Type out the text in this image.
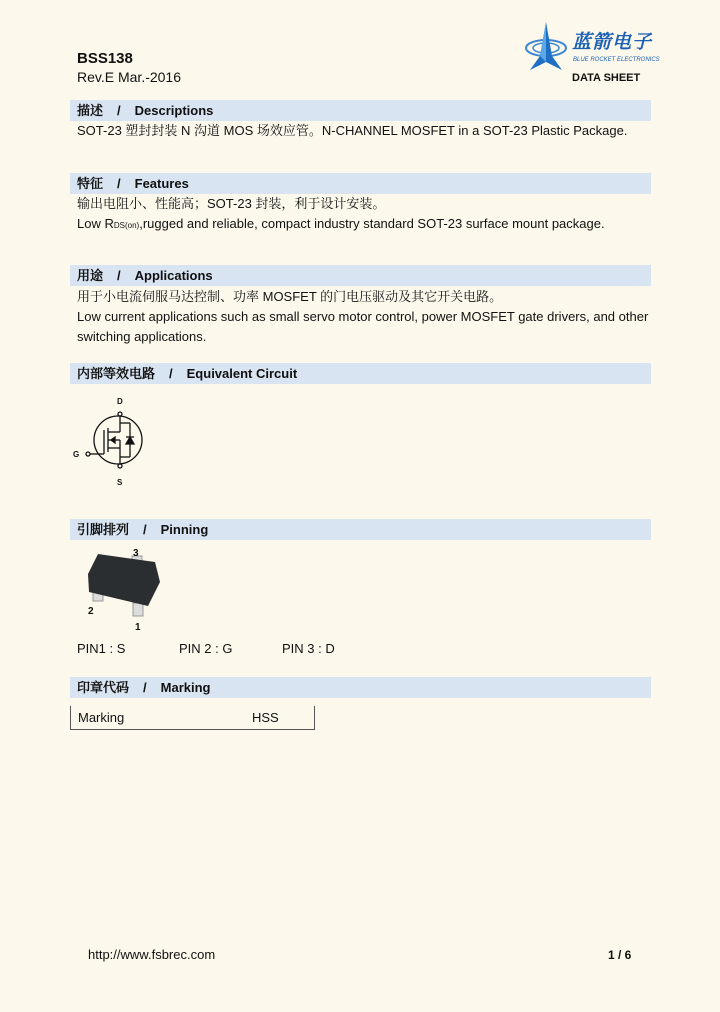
BSS138
Rev.E Mar.-2016
蓝箭电子
BLUE ROCKET ELECTRONICS
DATA SHEET
描述 / Descriptions
SOT-23 塑封封装 N 沟道 MOS 场效应管。N-CHANNEL MOSFET in a SOT-23 Plastic Package.
特征 / Features
输出电阻小、性能高；SOT-23 封装，利于设计安装。
Low RDS(on),rugged and reliable, compact industry standard SOT-23 surface mount package.
用途 / Applications
用于小电流伺服马达控制、功率 MOSFET 的门电压驱动及其它开关电路。
Low current applications such as small servo motor control, power MOSFET gate drivers, and other switching applications.
内部等效电路 / Equivalent Circuit
D
G
S
引脚排列 / Pinning
3
2
1
PIN1 : S	PIN 2 : G	PIN 3 : D
印章代码 / Marking
Marking	HSS
http://www.fsbrec.com	1 / 6
